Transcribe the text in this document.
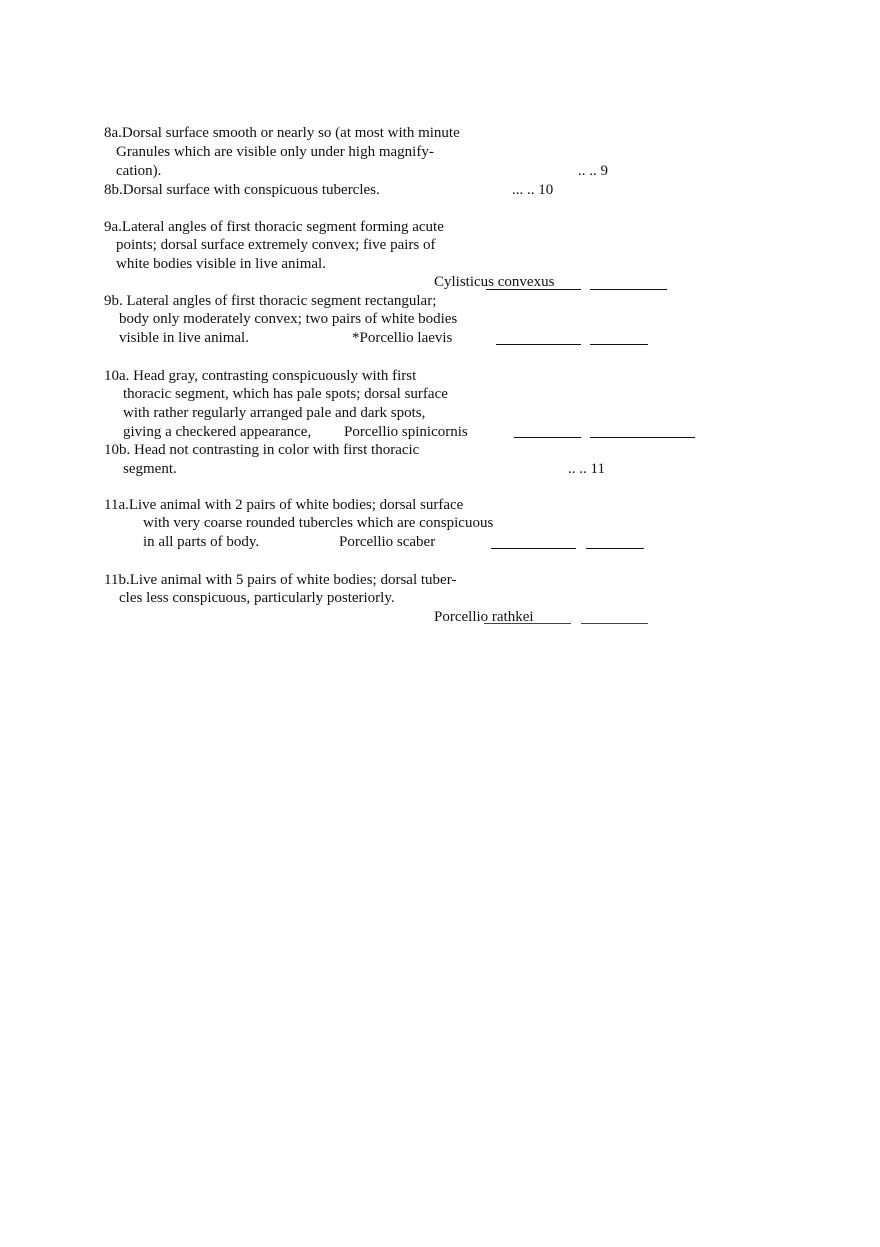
8a.Dorsal surface smooth or nearly so (at most with minute
Granules which are visible only under high magnify-
cation).	.. .. 9
8b.Dorsal surface with conspicuous tubercles.	... .. 10
9a.Lateral angles of first thoracic segment forming acute
points; dorsal surface extremely convex; five pairs of
white bodies visible in live animal.
Cylisticus convexus
9b. Lateral angles of first thoracic segment rectangular;
body only moderately convex; two pairs of white bodies
visible in live animal.	*Porcellio laevis
10a. Head gray, contrasting conspicuously with first
thoracic segment, which has pale spots; dorsal surface
with rather regularly arranged pale and dark spots,
giving a checkered appearance, Porcellio spinicornis
10b. Head not contrasting in color with first thoracic
segment.	.. .. 11
11a.Live animal with 2 pairs of white bodies; dorsal surface
with very coarse rounded tubercles which are conspicuous
in all parts of body.	Porcellio scaber
11b.Live animal with 5 pairs of white bodies; dorsal tuber-
cles less conspicuous, particularly posteriorly.
Porcellio rathkei
